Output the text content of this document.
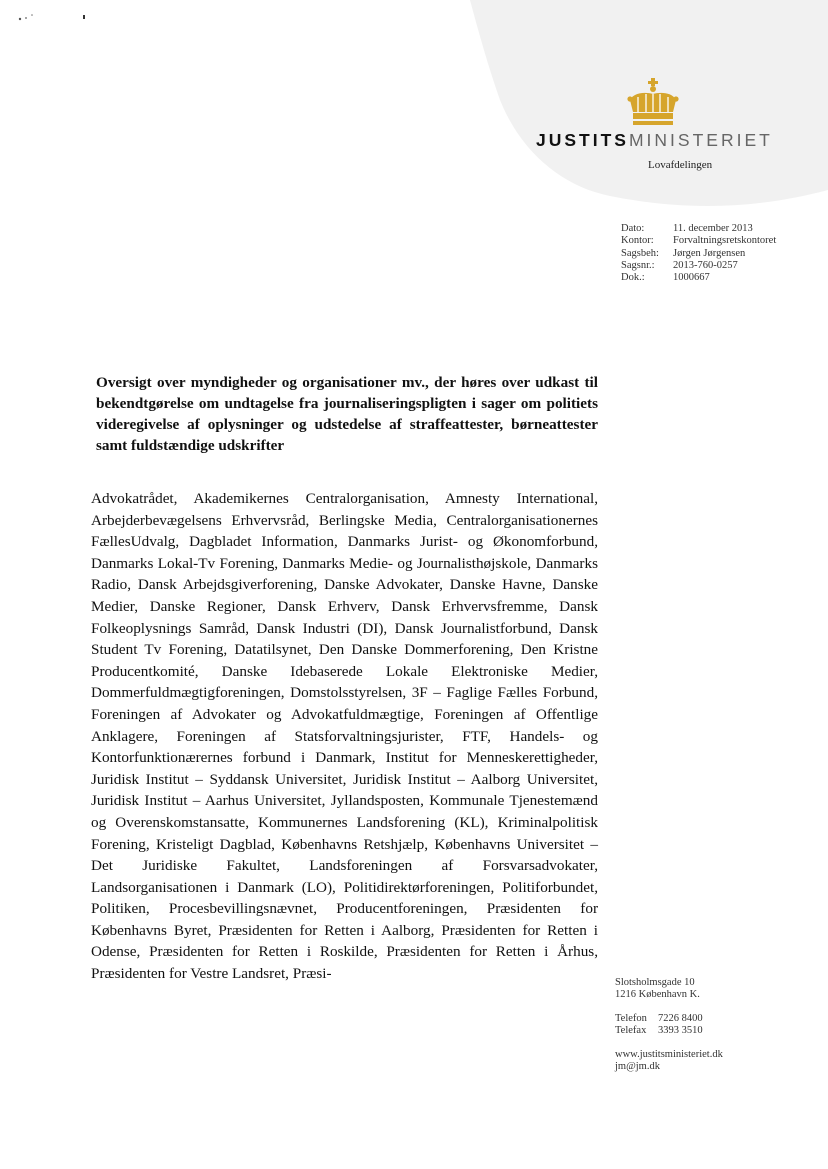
JUSTITSMINISTERIET
Lovafdelingen
Dato:	11. december 2013
Kontor:	Forvaltningsretskontoret
Sagsbeh:	Jørgen Jørgensen
Sagsnr.:	2013-760-0257
Dok.:	1000667

Oversigt over myndigheder og organisationer mv., der høres over udkast til bekendtgørelse om undtagelse fra journaliseringspligten i sager om politiets videregivelse af oplysninger og udstedelse af straffeattester, børneattester samt fuldstændige udskrifter

Advokatrådet, Akademikernes Centralorganisation, Amnesty International, Arbejderbevægelsens Erhvervsråd, Berlingske Media, Centralorganisationernes FællesUdvalg, Dagbladet Information, Danmarks Jurist- og Økonomforbund, Danmarks Lokal-Tv Forening, Danmarks Medie- og Journalisthøjskole, Danmarks Radio, Dansk Arbejdsgiverforening, Danske Advokater, Danske Havne, Danske Medier, Danske Regioner, Dansk Erhverv, Dansk Erhvervsfremme, Dansk Folkeoplysnings Samråd, Dansk Industri (DI), Dansk Journalistforbund, Dansk Student Tv Forening, Datatilsynet, Den Danske Dommerforening, Den Kristne Producentkomité, Danske Idebaserede Lokale Elektroniske Medier, Dommerfuldmægtigforeningen, Domstolsstyrelsen, 3F – Faglige Fælles Forbund, Foreningen af Advokater og Advokatfuldmægtige, Foreningen af Offentlige Anklagere, Foreningen af Statsforvaltningsjurister, FTF, Handels- og Kontorfunktionærernes forbund i Danmark, Institut for Menneskerettigheder, Juridisk Institut – Syddansk Universitet, Juridisk Institut – Aalborg Universitet, Juridisk Institut – Aarhus Universitet, Jyllandsposten, Kommunale Tjenestemænd og Overenskomstansatte, Kommunernes Landsforening (KL), Kriminalpolitisk Forening, Kristeligt Dagblad, Københavns Retshjælp, Københavns Universitet – Det Juridiske Fakultet, Landsforeningen af Forsvarsadvokater, Landsorganisationen i Danmark (LO), Politidirektørforeningen, Politiforbundet, Politiken, Procesbevillingsnævnet, Producentforeningen, Præsidenten for Københavns Byret, Præsidenten for Retten i Aalborg, Præsidenten for Retten i Odense, Præsidenten for Retten i Roskilde, Præsidenten for Retten i Århus, Præsidenten for Vestre Landsret, Præsi-

Slotsholmsgade 10
1216 København K.
Telefon 7226 8400
Telefax 3393 3510
www.justitsministeriet.dk
jm@jm.dk
